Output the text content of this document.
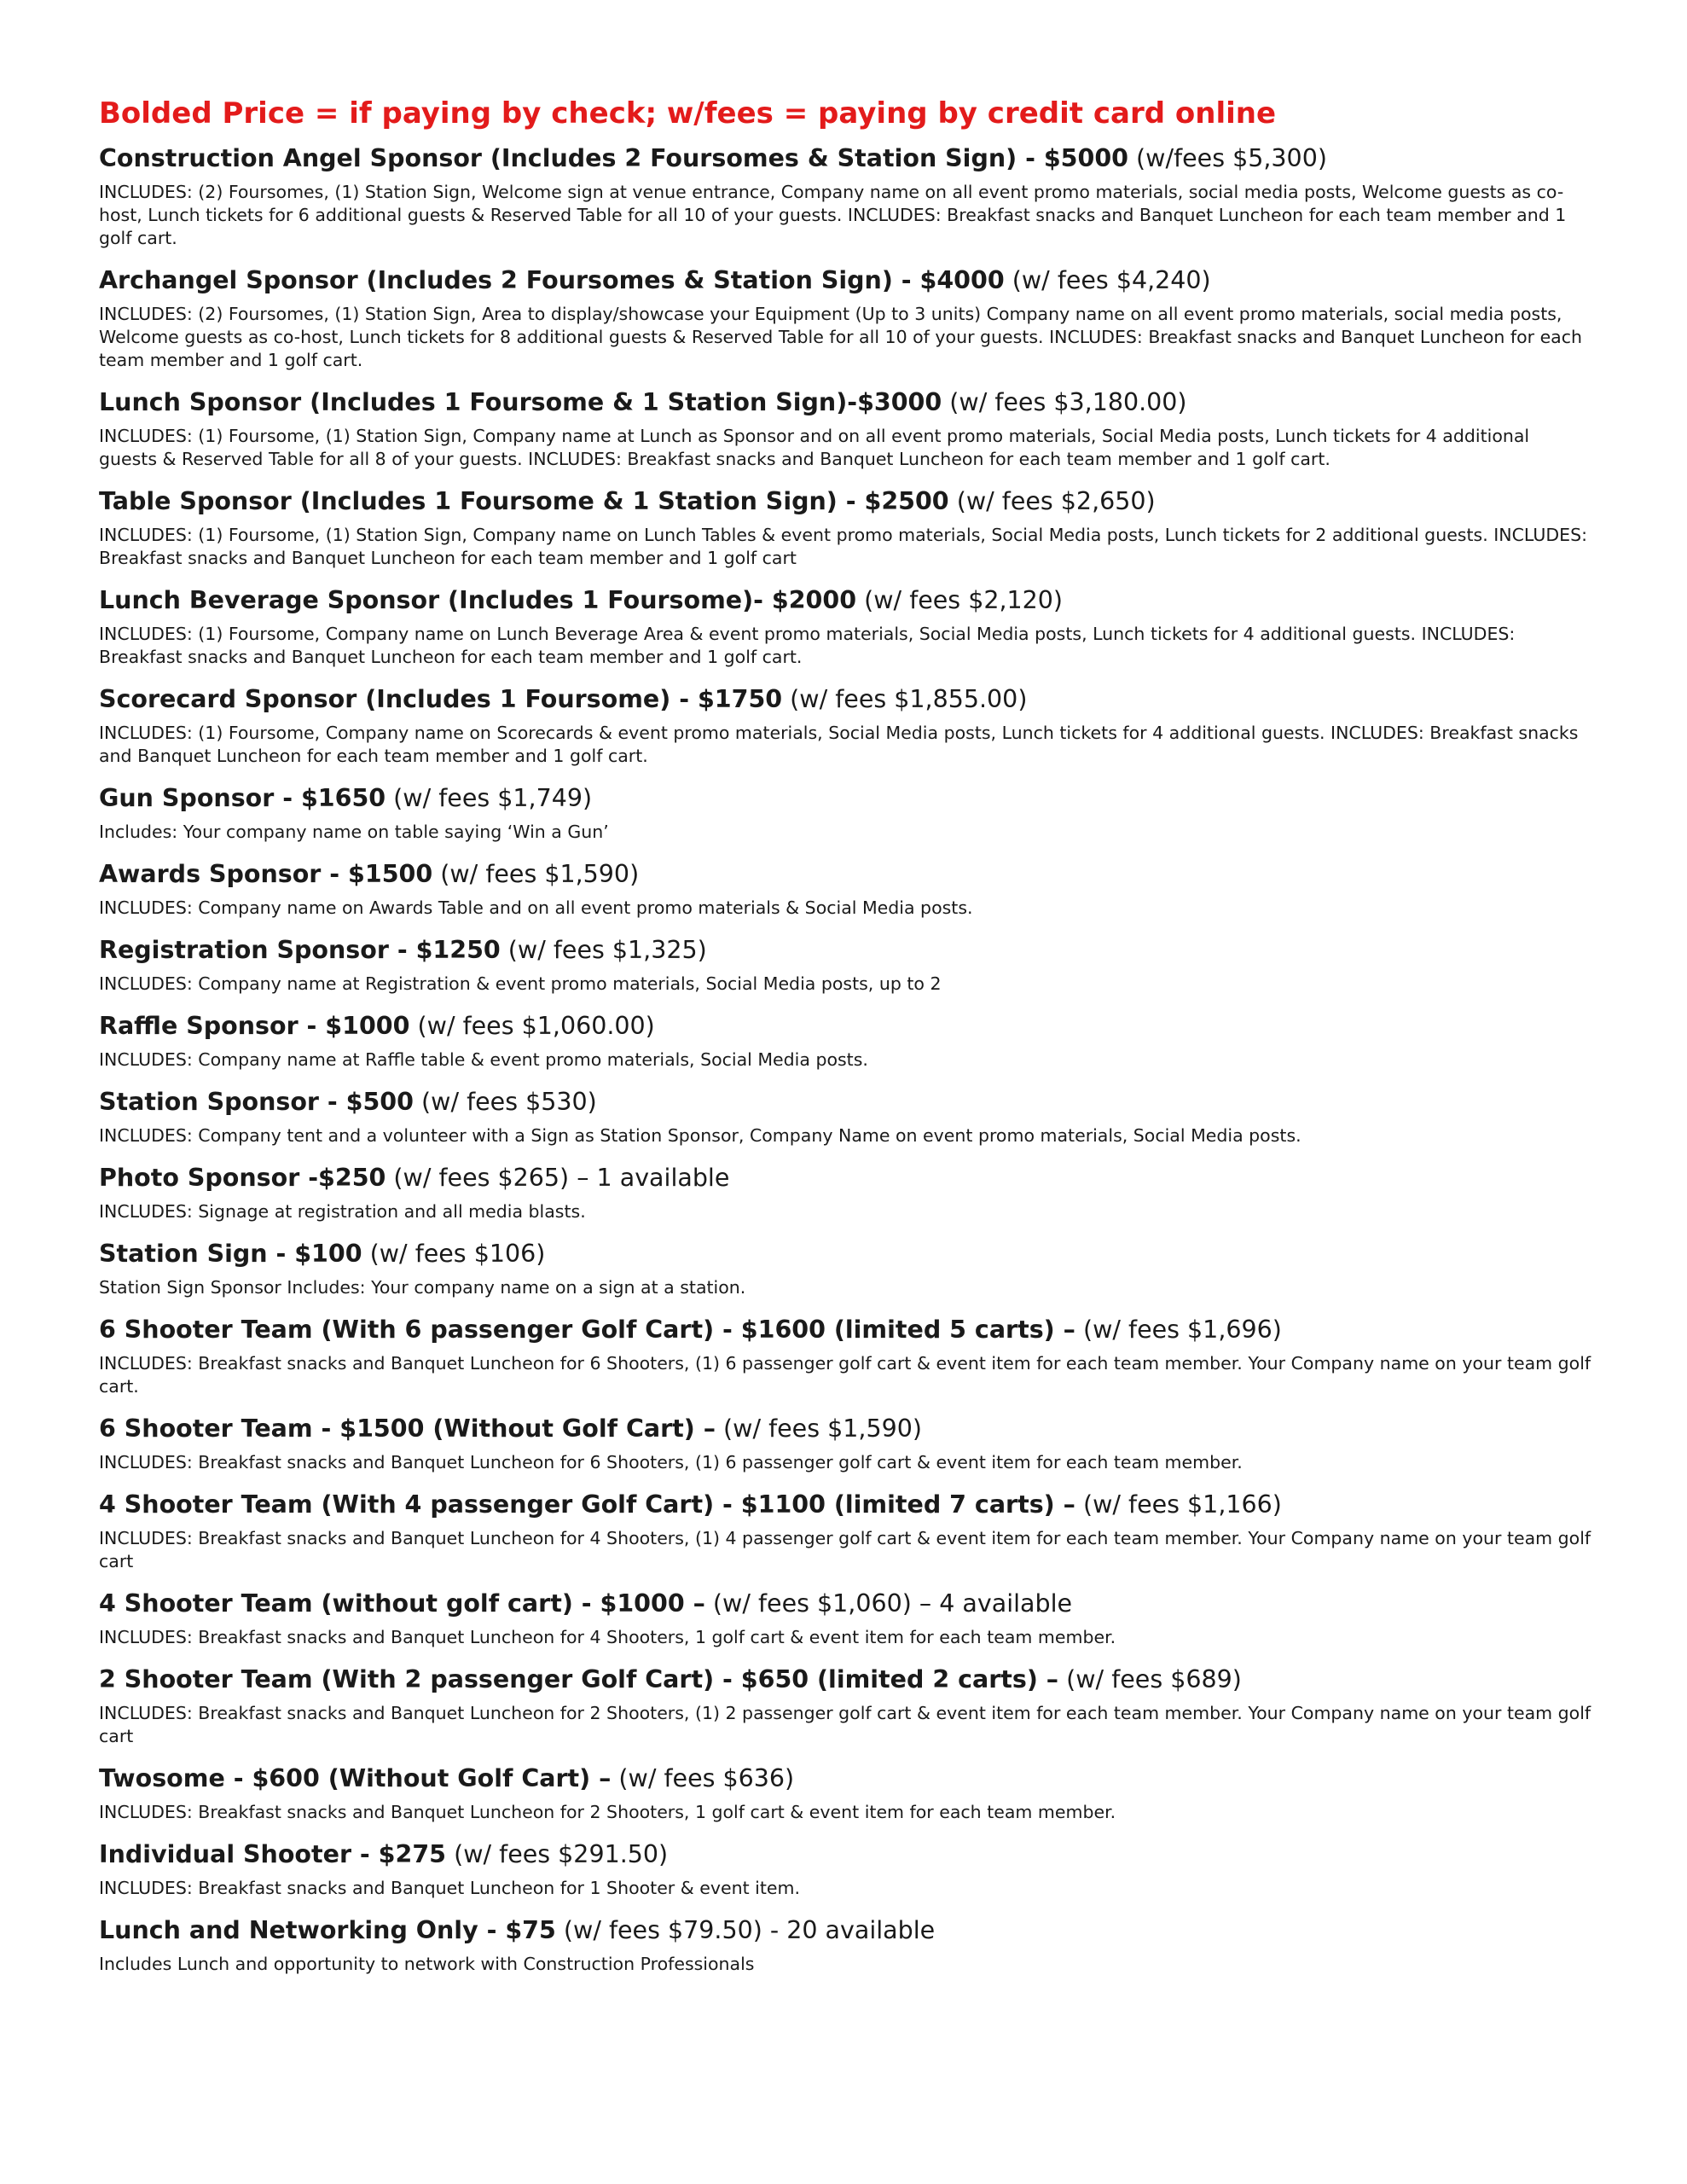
Bolded Price = if paying by check; w/fees = paying by credit card online
Construction Angel Sponsor (Includes 2 Foursomes & Station Sign) - $5000 (w/fees $5,300)
INCLUDES: (2) Foursomes, (1) Station Sign, Welcome sign at venue entrance, Company name on all event promo materials, social media posts, Welcome guests as co-host, Lunch tickets for 6 additional guests & Reserved Table for all 10 of your guests. INCLUDES: Breakfast snacks and Banquet Luncheon for each team member and 1 golf cart.
Archangel Sponsor (Includes 2 Foursomes & Station Sign) - $4000 (w/ fees $4,240)
INCLUDES: (2) Foursomes, (1) Station Sign, Area to display/showcase your Equipment (Up to 3 units) Company name on all event promo materials, social media posts, Welcome guests as co-host, Lunch tickets for 8 additional guests & Reserved Table for all 10 of your guests. INCLUDES: Breakfast snacks and Banquet Luncheon for each team member and 1 golf cart.
Lunch Sponsor (Includes 1 Foursome & 1 Station Sign)-$3000 (w/ fees $3,180.00)
INCLUDES: (1) Foursome, (1) Station Sign, Company name at Lunch as Sponsor and on all event promo materials, Social Media posts, Lunch tickets for 4 additional guests & Reserved Table for all 8 of your guests. INCLUDES: Breakfast snacks and Banquet Luncheon for each team member and 1 golf cart.
Table Sponsor (Includes 1 Foursome & 1 Station Sign) - $2500 (w/ fees $2,650)
INCLUDES: (1) Foursome, (1) Station Sign, Company name on Lunch Tables & event promo materials, Social Media posts, Lunch tickets for 2 additional guests. INCLUDES: Breakfast snacks and Banquet Luncheon for each team member and 1 golf cart
Lunch Beverage Sponsor (Includes 1 Foursome)- $2000 (w/ fees $2,120)
INCLUDES: (1) Foursome, Company name on Lunch Beverage Area & event promo materials, Social Media posts, Lunch tickets for 4 additional guests. INCLUDES: Breakfast snacks and Banquet Luncheon for each team member and 1 golf cart.
Scorecard Sponsor (Includes 1 Foursome) - $1750 (w/ fees $1,855.00)
INCLUDES: (1) Foursome, Company name on Scorecards & event promo materials, Social Media posts, Lunch tickets for 4 additional guests. INCLUDES: Breakfast snacks and Banquet Luncheon for each team member and 1 golf cart.
Gun Sponsor - $1650 (w/ fees $1,749)
Includes: Your company name on table saying ‘Win a Gun’
Awards Sponsor - $1500 (w/ fees $1,590)
INCLUDES: Company name on Awards Table and on all event promo materials & Social Media posts.
Registration Sponsor - $1250 (w/ fees $1,325)
INCLUDES: Company name at Registration & event promo materials, Social Media posts, up to 2
Raffle Sponsor - $1000 (w/ fees $1,060.00)
INCLUDES: Company name at Raffle table & event promo materials, Social Media posts.
Station Sponsor - $500 (w/ fees $530)
INCLUDES: Company tent and a volunteer with a Sign as Station Sponsor, Company Name on event promo materials, Social Media posts.
Photo Sponsor -$250 (w/ fees $265) – 1 available
INCLUDES: Signage at registration and all media blasts.
Station Sign - $100 (w/ fees $106)
Station Sign Sponsor Includes: Your company name on a sign at a station.
6 Shooter Team (With 6 passenger Golf Cart) - $1600 (limited 5 carts) – (w/ fees $1,696)
INCLUDES: Breakfast snacks and Banquet Luncheon for 6 Shooters, (1) 6 passenger golf cart & event item for each team member. Your Company name on your team golf cart.
6 Shooter Team - $1500 (Without Golf Cart) – (w/ fees $1,590)
INCLUDES: Breakfast snacks and Banquet Luncheon for 6 Shooters, (1) 6 passenger golf cart & event item for each team member.
4 Shooter Team (With 4 passenger Golf Cart) - $1100 (limited 7 carts) – (w/ fees $1,166)
INCLUDES: Breakfast snacks and Banquet Luncheon for 4 Shooters, (1) 4 passenger golf cart & event item for each team member. Your Company name on your team golf cart
4 Shooter Team (without golf cart) - $1000 – (w/ fees $1,060) – 4 available
INCLUDES: Breakfast snacks and Banquet Luncheon for 4 Shooters, 1 golf cart & event item for each team member.
2 Shooter Team (With 2 passenger Golf Cart) - $650 (limited 2 carts) – (w/ fees $689)
INCLUDES: Breakfast snacks and Banquet Luncheon for 2 Shooters, (1) 2 passenger golf cart & event item for each team member. Your Company name on your team golf cart
Twosome - $600 (Without Golf Cart) – (w/ fees $636)
INCLUDES: Breakfast snacks and Banquet Luncheon for 2 Shooters, 1 golf cart & event item for each team member.
Individual Shooter - $275 (w/ fees $291.50)
INCLUDES: Breakfast snacks and Banquet Luncheon for 1 Shooter & event item.
Lunch and Networking Only - $75 (w/ fees $79.50) - 20 available
Includes Lunch and opportunity to network with Construction Professionals
